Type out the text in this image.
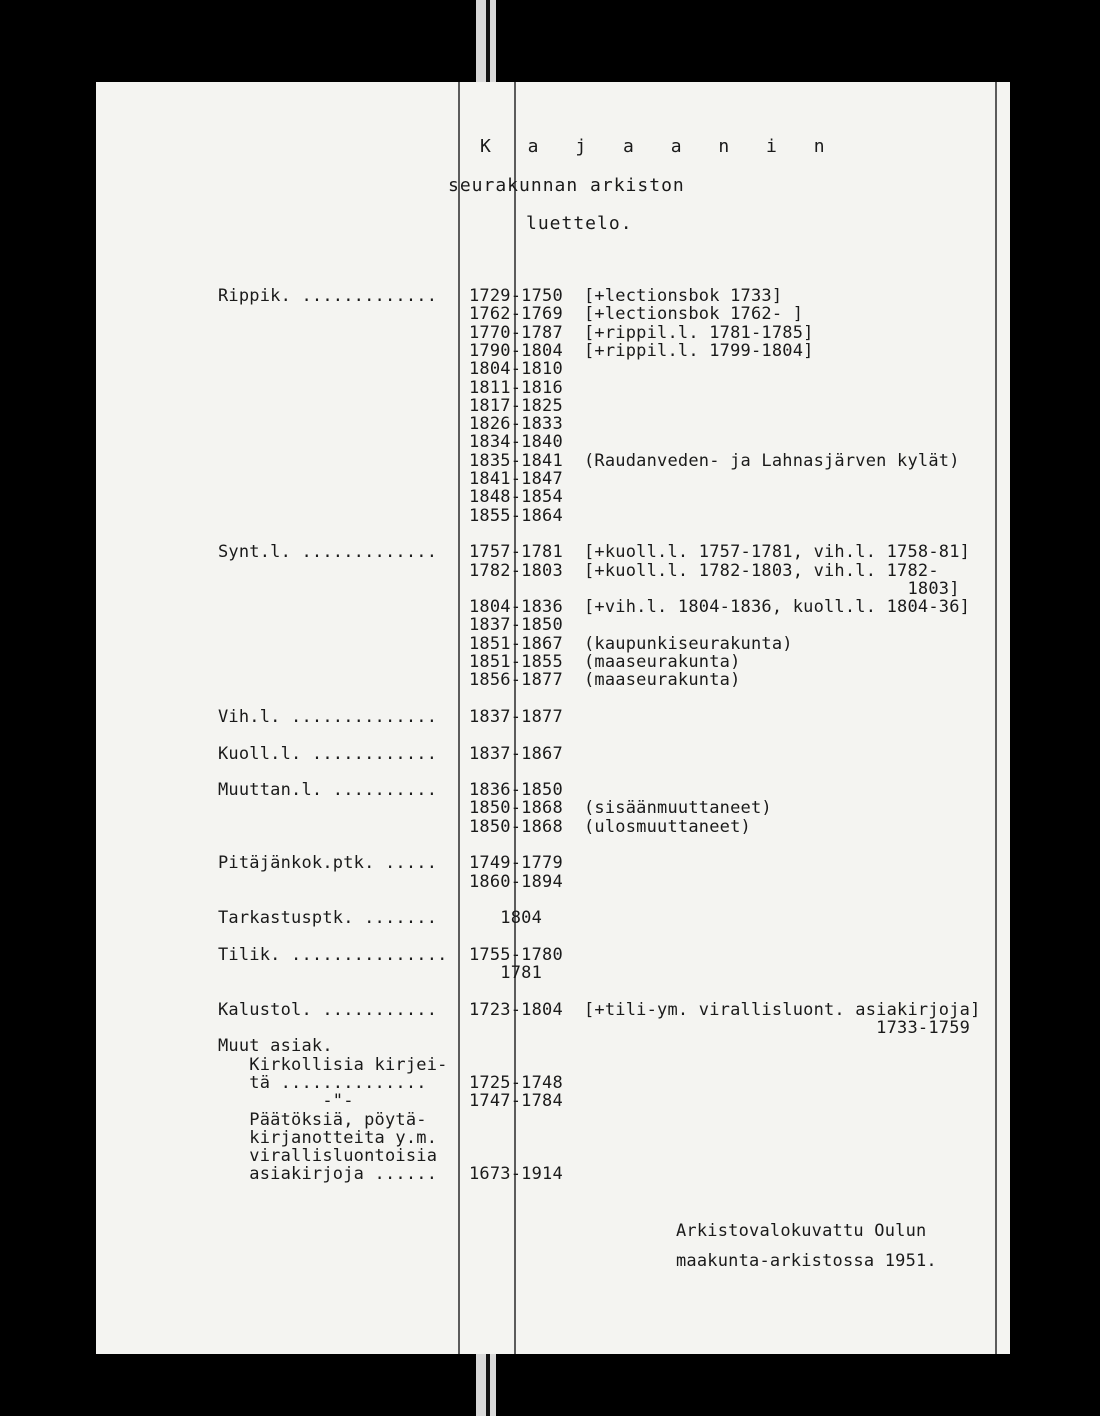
K a j a a n i n
seurakunnan arkiston
luettelo.
Rippik. ............. 1729-1750 [+lectionsbok 1733]
1762-1769 [+lectionsbok 1762- ]
1770-1787 [+rippil.l. 1781-1785]
1790-1804 [+rippil.l. 1799-1804]
1804-1810
1811-1816
1817-1825
1826-1833
1834-1840
1835-1841 (Raudanveden- ja Lahnasjärven kylät)
1841-1847
1848-1854
1855-1864
Synt.l. ............. 1757-1781 [+kuoll.l. 1757-1781, vih.l. 1758-81]
1782-1803 [+kuoll.l. 1782-1803, vih.l. 1782-
1803]
1804-1836 [+vih.l. 1804-1836, kuoll.l. 1804-36]
1837-1850
1851-1867 (kaupunkiseurakunta)
1851-1855 (maaseurakunta)
1856-1877 (maaseurakunta)
Vih.l. .............. 1837-1877
Kuoll.l. ............ 1837-1867
Muuttan.l. .......... 1836-1850
1850-1868 (sisäänmuuttaneet)
1850-1868 (ulosmuuttaneet)
Pitäjänkok.ptk. ..... 1749-1779
1860-1894
Tarkastusptk. ....... 1804
Tilik. ............... 1755-1780
1781
Kalustol. ........... 1723-1804 [+tili-ym. virallisluont. asiakirjoja]
1733-1759
Muut asiak.
Kirkollisia kirjei-
tä .............. 1725-1748
-"-	1747-1784
Päätöksiä, pöytä-
kirjanotteita y.m.
virallisluontoisia
asiakirjoja ...... 1673-1914
Arkistovalokuvattu Oulun
maakunta-arkistossa 1951.
